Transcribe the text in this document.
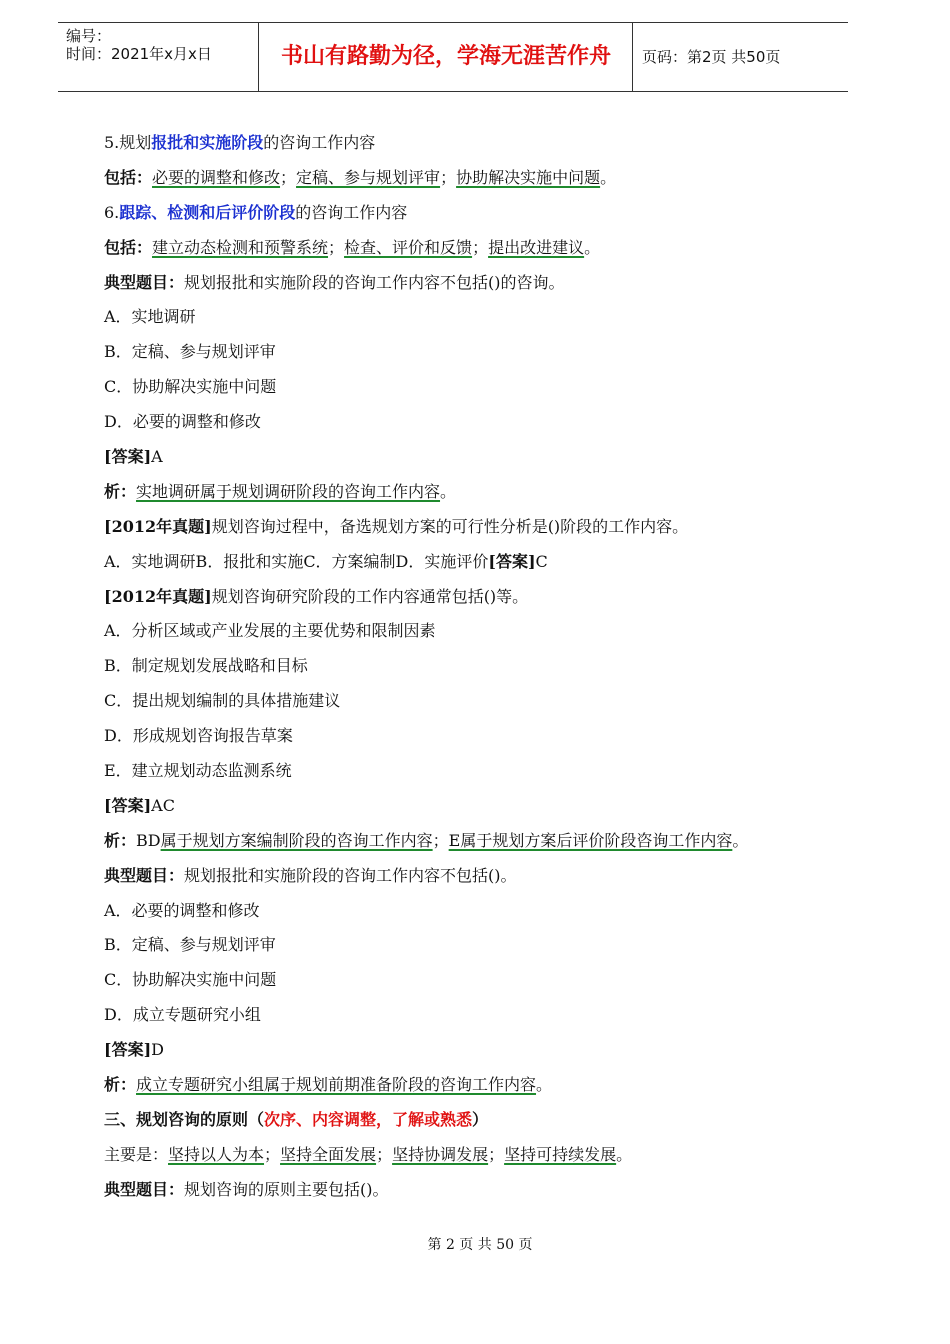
编号：
时间：2021年x月x日	书山有路勤为径，学海无涯苦作舟	页码：第2页 共50页
5.规划报批和实施阶段的咨询工作内容
包括：必要的调整和修改；定稿、参与规划评审；协助解决实施中问题。
6.跟踪、检测和后评价阶段的咨询工作内容
包括：建立动态检测和预警系统；检查、评价和反馈；提出改进建议。
典型题目：规划报批和实施阶段的咨询工作内容不包括()的咨询。
A．实地调研
B．定稿、参与规划评审
C．协助解决实施中问题
D．必要的调整和修改
[答案]A
析：实地调研属于规划调研阶段的咨询工作内容。
[2012年真题]规划咨询过程中，备选规划方案的可行性分析是()阶段的工作内容。
A．实地调研B．报批和实施C．方案编制D．实施评价[答案]C
[2012年真题]规划咨询研究阶段的工作内容通常包括()等。
A．分析区域或产业发展的主要优势和限制因素
B．制定规划发展战略和目标
C．提出规划编制的具体措施建议
D．形成规划咨询报告草案
E．建立规划动态监测系统
[答案]AC
析：BD属于规划方案编制阶段的咨询工作内容；E属于规划方案后评价阶段咨询工作内容。
典型题目：规划报批和实施阶段的咨询工作内容不包括()。
A．必要的调整和修改
B．定稿、参与规划评审
C．协助解决实施中问题
D．成立专题研究小组
[答案]D
析：成立专题研究小组属于规划前期准备阶段的咨询工作内容。
三、规划咨询的原则（次序、内容调整，了解或熟悉）
主要是：坚持以人为本；坚持全面发展；坚持协调发展；坚持可持续发展。
典型题目：规划咨询的原则主要包括()。
第 2 页 共 50 页
